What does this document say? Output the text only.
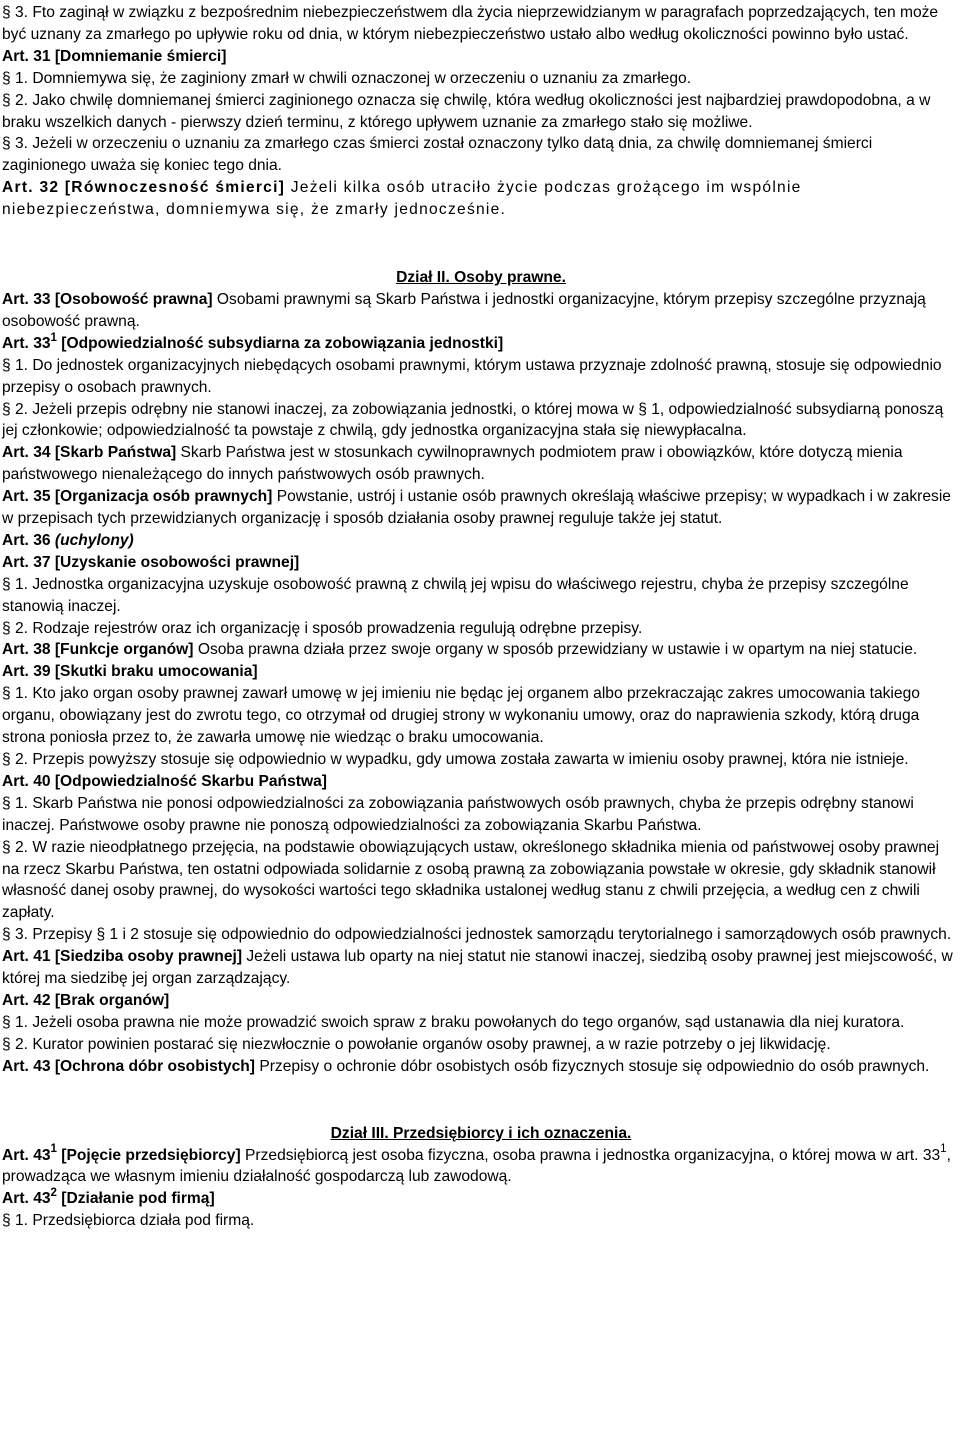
§ 3. Fto zaginął w związku z bezpośrednim niebezpieczeństwem dla życia nieprzewidzianym w paragrafach poprzedzających, ten może być uznany za zmarłego po upływie roku od dnia, w którym niebezpieczeństwo ustało albo według okoliczności powinno było ustać.

Art. 31 [Domniemanie śmierci]

§ 1. Domniemywa się, że zaginiony zmarł w chwili oznaczonej w orzeczeniu o uznaniu za zmarłego.

§ 2. Jako chwilę domniemanej śmierci zaginionego oznacza się chwilę, która według okoliczności jest najbardziej prawdopodobna, a w braku wszelkich danych - pierwszy dzień terminu, z którego upływem uznanie za zmarłego stało się możliwe.

§ 3. Jeżeli w orzeczeniu o uznaniu za zmarłego czas śmierci został oznaczony tylko datą dnia, za chwilę domniemanej śmierci zaginionego uważa się koniec tego dnia.

Art. 32 [Równoczesność śmierci] Jeżeli kilka osób utraciło życie podczas grożącego im wspólnie niebezpieczeństwa, domniemywa się, że zmarły jednocześnie.

Dział II. Osoby prawne.

Art. 33 [Osobowość prawna] Osobami prawnymi są Skarb Państwa i jednostki organizacyjne, którym przepisy szczególne przyznają osobowość prawną.

Art. $33^1$ [Odpowiedzialność subsydiarna za zobowiązania jednostki]

§ 1. Do jednostek organizacyjnych niebędących osobami prawnymi, którym ustawa przyznaje zdolność prawną, stosuje się odpowiednio przepisy o osobach prawnych.

§ 2. Jeżeli przepis odrębny nie stanowi inaczej, za zobowiązania jednostki, o której mowa w § 1, odpowiedzialność subsydiarną ponoszą jej członkowie; odpowiedzialność ta powstaje z chwilą, gdy jednostka organizacyjna stała się niewypłacalna.

Art. 34 [Skarb Państwa] Skarb Państwa jest w stosunkach cywilnoprawnych podmiotem praw i obowiązków, które dotyczą mienia państwowego nienależącego do innych państwowych osób prawnych.

Art. 35 [Organizacja osób prawnych] Powstanie, ustrój i ustanie osób prawnych określają właściwe przepisy; w wypadkach i w zakresie w przepisach tych przewidzianych organizację i sposób działania osoby prawnej reguluje także jej statut.

Art. 36 (uchylony)

Art. 37 [Uzyskanie osobowości prawnej]

§ 1. Jednostka organizacyjna uzyskuje osobowość prawną z chwilą jej wpisu do właściwego rejestru, chyba że przepisy szczególne stanowią inaczej.

§ 2. Rodzaje rejestrów oraz ich organizację i sposób prowadzenia regulują odrębne przepisy.

Art. 38 [Funkcje organów] Osoba prawna działa przez swoje organy w sposób przewidziany w ustawie i w opartym na niej statucie.

Art. 39 [Skutki braku umocowania]

§ 1. Kto jako organ osoby prawnej zawarł umowę w jej imieniu nie będąc jej organem albo przekraczając zakres umocowania takiego organu, obowiązany jest do zwrotu tego, co otrzymał od drugiej strony w wykonaniu umowy, oraz do naprawienia szkody, którą druga strona poniosła przez to, że zawarła umowę nie wiedząc o braku umocowania.

§ 2. Przepis powyższy stosuje się odpowiednio w wypadku, gdy umowa została zawarta w imieniu osoby prawnej, która nie istnieje.

Art. 40 [Odpowiedzialność Skarbu Państwa]

§ 1. Skarb Państwa nie ponosi odpowiedzialności za zobowiązania państwowych osób prawnych, chyba że przepis odrębny stanowi inaczej. Państwowe osoby prawne nie ponoszą odpowiedzialności za zobowiązania Skarbu Państwa.

§ 2. W razie nieodpłatnego przejęcia, na podstawie obowiązujących ustaw, określonego składnika mienia od państwowej osoby prawnej na rzecz Skarbu Państwa, ten ostatni odpowiada solidarnie z osobą prawną za zobowiązania powstałe w okresie, gdy składnik stanowił własność danej osoby prawnej, do wysokości wartości tego składnika ustalonej według stanu z chwili przejęcia, a według cen z chwili zapłaty.

§ 3. Przepisy § 1 i 2 stosuje się odpowiednio do odpowiedzialności jednostek samorządu terytorialnego i samorządowych osób prawnych.

Art. 41 [Siedziba osoby prawnej] Jeżeli ustawa lub oparty na niej statut nie stanowi inaczej, siedzibą osoby prawnej jest miejscowość, w której ma siedzibę jej organ zarządzający.

Art. 42 [Brak organów]

§ 1. Jeżeli osoba prawna nie może prowadzić swoich spraw z braku powołanych do tego organów, sąd ustanawia dla niej kuratora.

§ 2. Kurator powinien postarać się niezwłocznie o powołanie organów osoby prawnej, a w razie potrzeby o jej likwidację.

Art. 43 [Ochrona dóbr osobistych] Przepisy o ochronie dóbr osobistych osób fizycznych stosuje się odpowiednio do osób prawnych.

Dział III. Przedsiębiorcy i ich oznaczenia.

Art. $43^1$ [Pojęcie przedsiębiorcy] Przedsiębiorcą jest osoba fizyczna, osoba prawna i jednostka organizacyjna, o której mowa w art. $33^1$, prowadząca we własnym imieniu działalność gospodarczą lub zawodową.

Art. $43^2$ [Działanie pod firmą]

§ 1. Przedsiębiorca działa pod firmą.
